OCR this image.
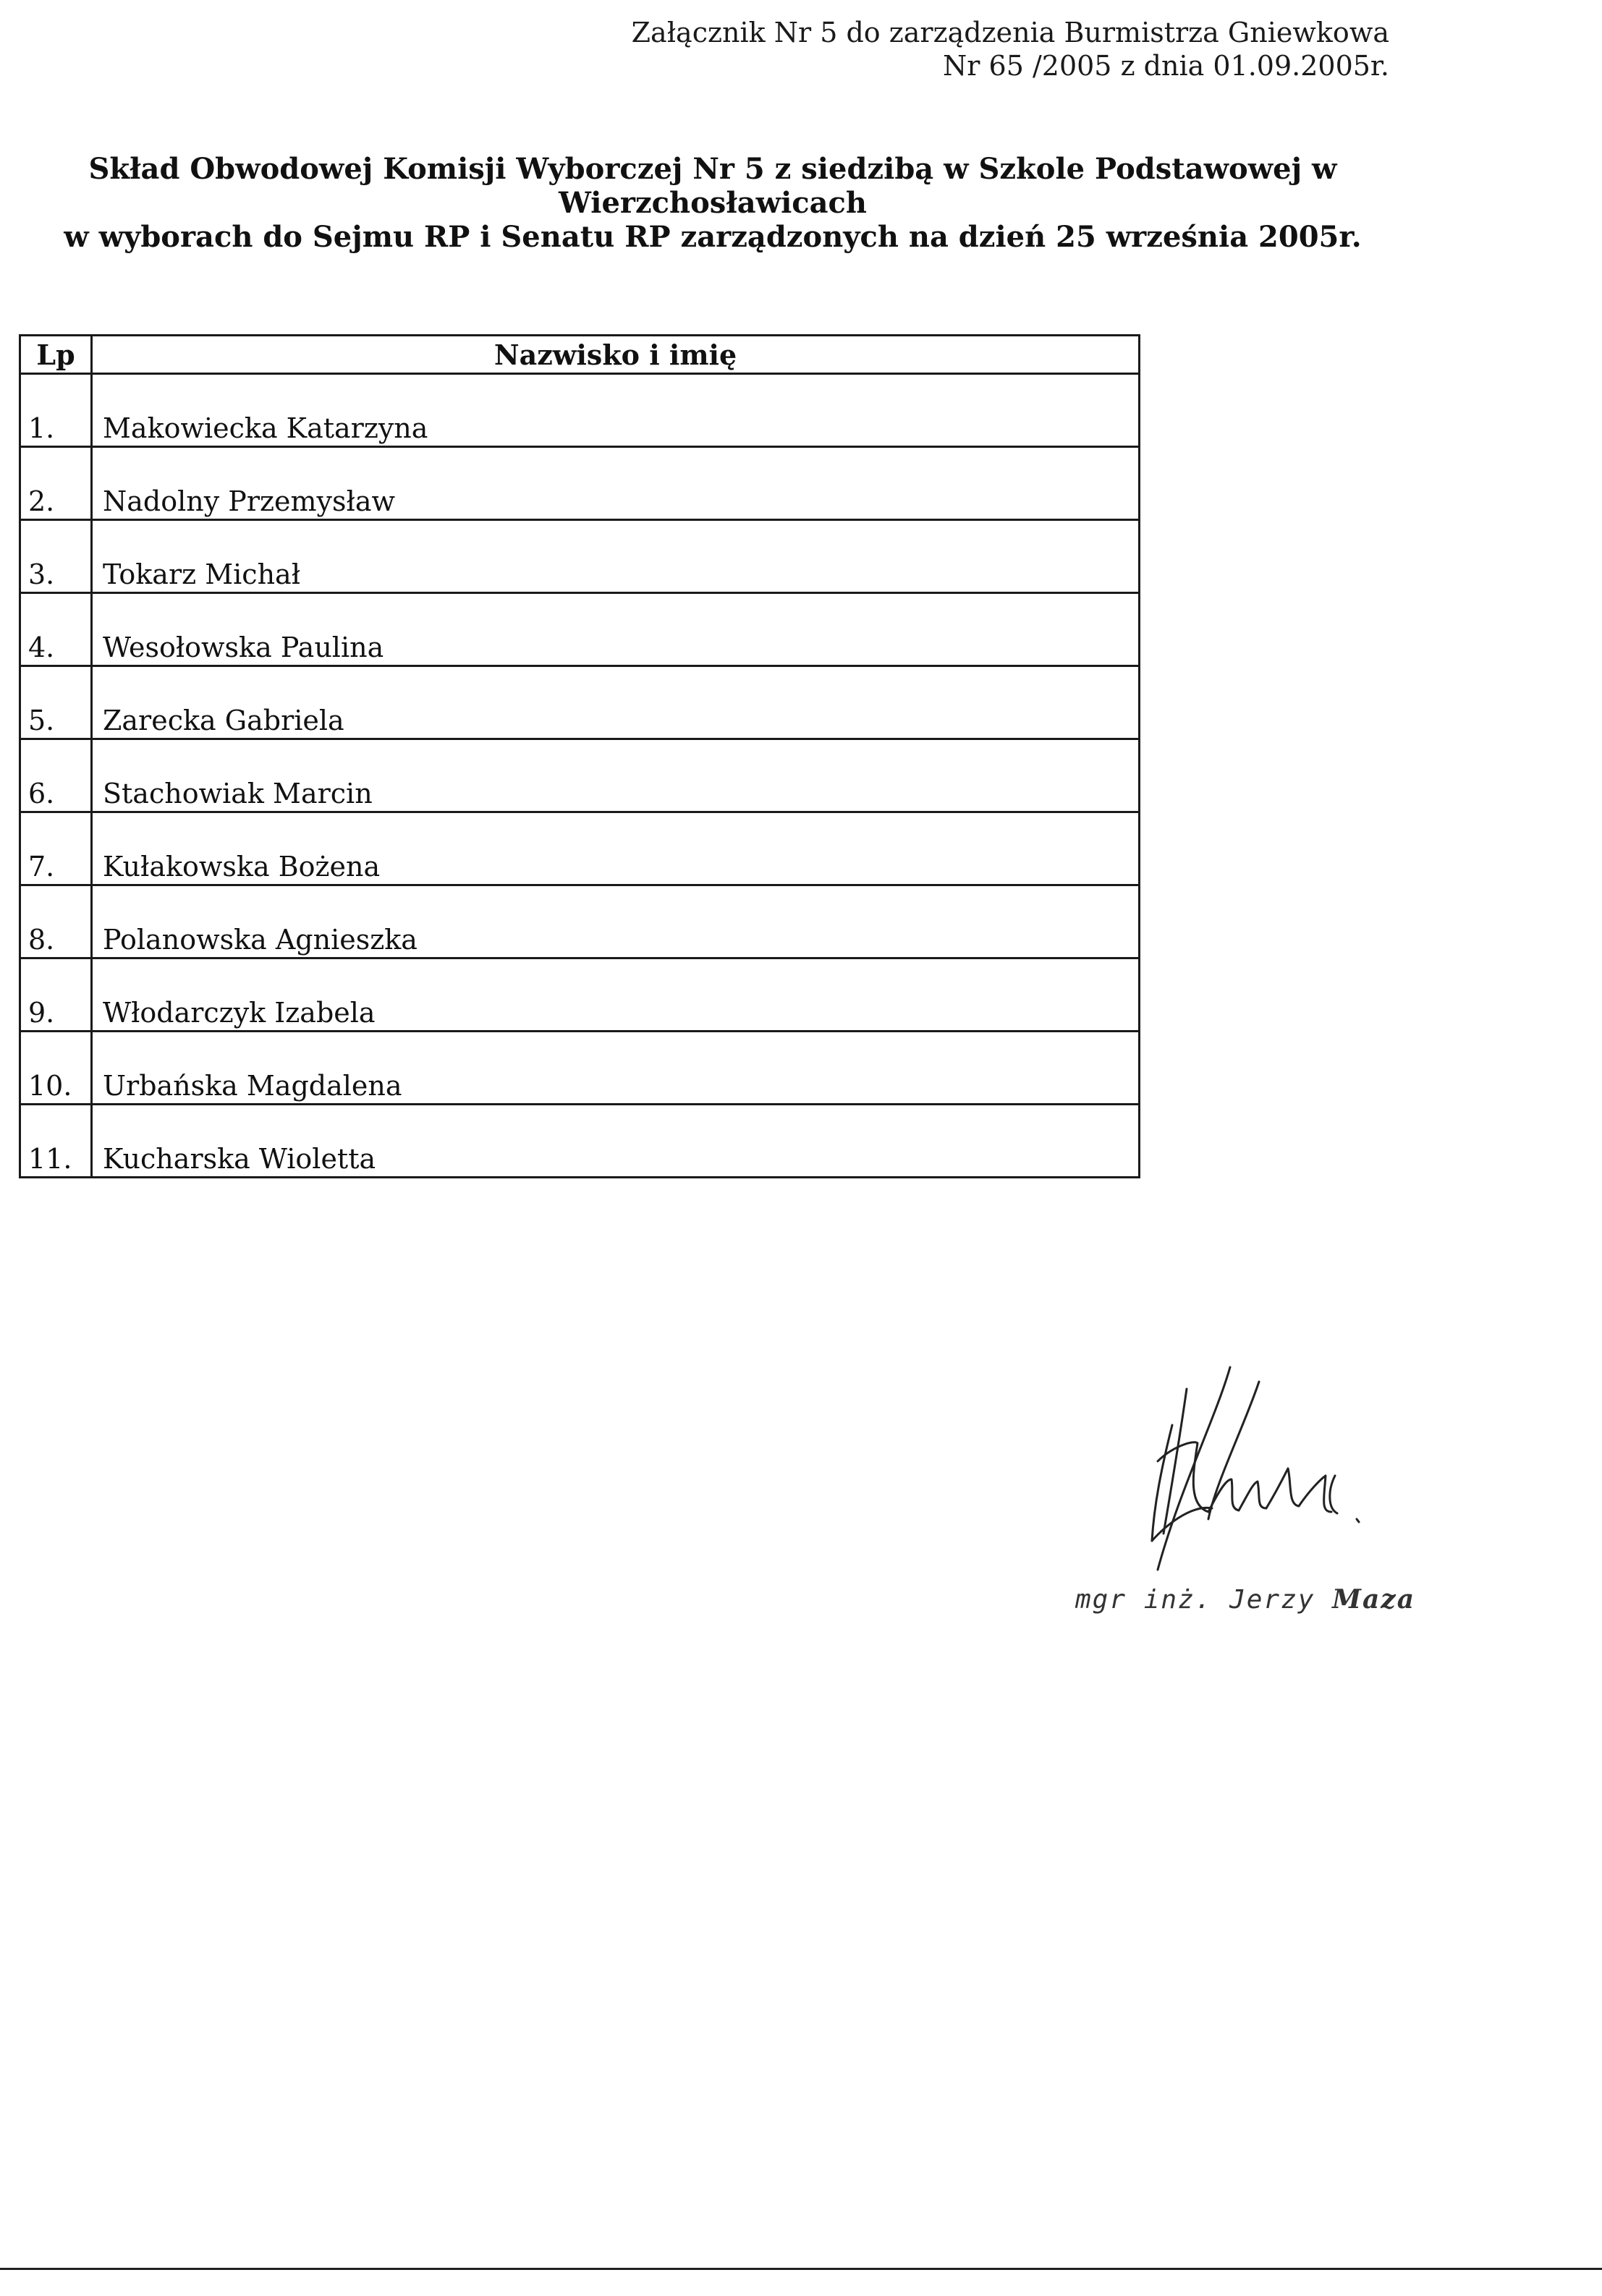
Załącznik Nr 5 do zarządzenia Burmistrza Gniewkowa
Nr 65 /2005 z dnia 01.09.2005r.
Skład Obwodowej Komisji Wyborczej Nr 5 z siedzibą w Szkole Podstawowej w
Wierzchosławicach
w wyborach do Sejmu RP i Senatu RP zarządzonych na dzień 25 września 2005r.
Lp	Nazwisko i imię
1.	Makowiecka Katarzyna
2.	Nadolny Przemysław
3.	Tokarz Michał
4.	Wesołowska Paulina
5.	Zarecka Gabriela
6.	Stachowiak Marcin
7.	Kułakowska Bożena
8.	Polanowska Agnieszka
9.	Włodarczyk Izabela
10.	Urbańska Magdalena
11.	Kucharska Wioletta
mgr inż. Jerzy Maza
